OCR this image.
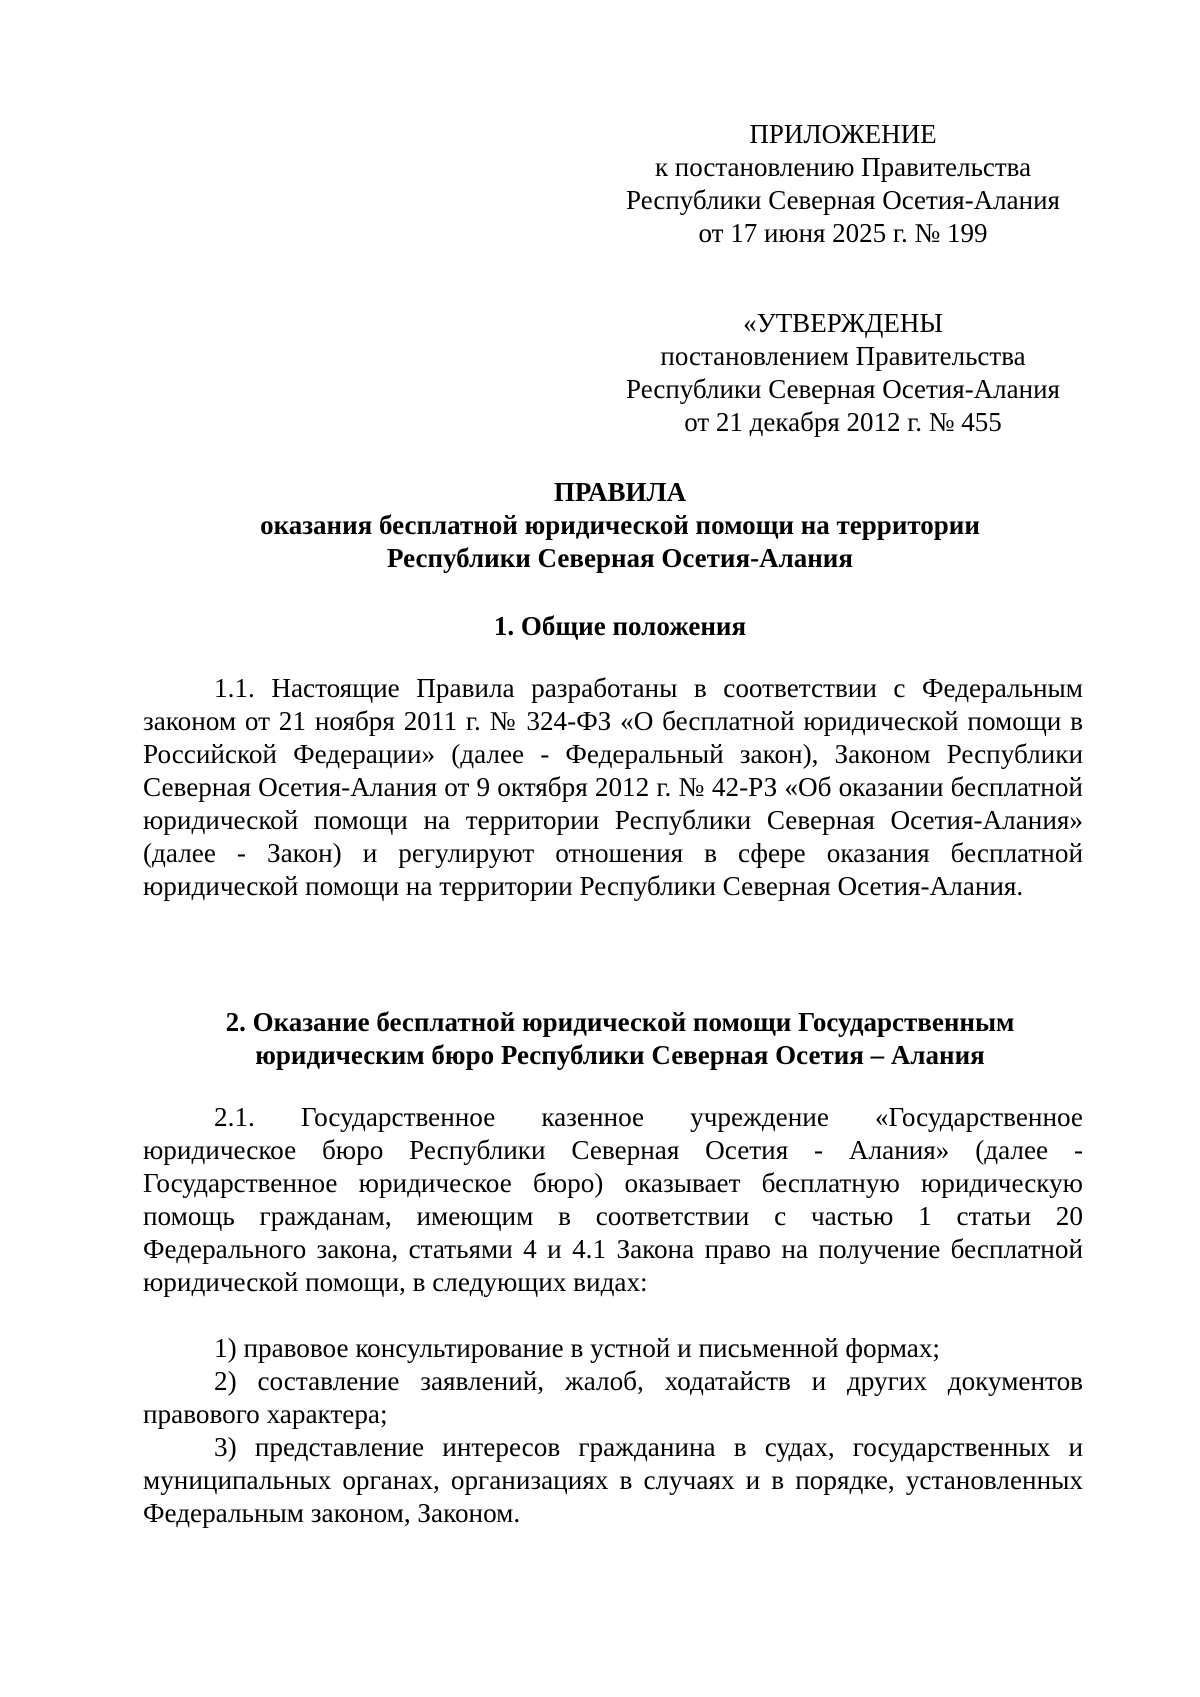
ПРИЛОЖЕНИЕ
к постановлению Правительства
Республики Северная Осетия-Алания
от 17 июня 2025 г. № 199
«УТВЕРЖДЕНЫ
постановлением Правительства
Республики Северная Осетия-Алания
от 21 декабря 2012 г. № 455
ПРАВИЛА
оказания бесплатной юридической помощи на территории
Республики Северная Осетия-Алания
1. Общие положения

1.1. Настоящие Правила разработаны в соответствии с Федеральным законом от 21 ноября 2011 г. № 324-ФЗ «О бесплатной юридической помощи в Российской Федерации» (далее - Федеральный закон), Законом Республики Северная Осетия-Алания от 9 октября 2012 г. № 42-РЗ «Об оказании бесплатной юридической помощи на территории Республики Северная Осетия-Алания» (далее - Закон) и регулируют отношения в сфере оказания бесплатной юридической помощи на территории Республики Северная Осетия-Алания.

2. Оказание бесплатной юридической помощи Государственным
юридическим бюро Республики Северная Осетия – Алания

2.1. Государственное казенное учреждение «Государственное юридическое бюро Республики Северная Осетия - Алания» (далее - Государственное юридическое бюро) оказывает бесплатную юридическую помощь гражданам, имеющим в соответствии с частью 1 статьи 20 Федерального закона, статьями 4 и 4.1 Закона право на получение бесплатной юридической помощи, в следующих видах:

1) правовое консультирование в устной и письменной формах;

2) составление заявлений, жалоб, ходатайств и других документов правового характера;

3) представление интересов гражданина в судах, государственных и муниципальных органах, организациях в случаях и в порядке, установленных Федеральным законом, Законом.
